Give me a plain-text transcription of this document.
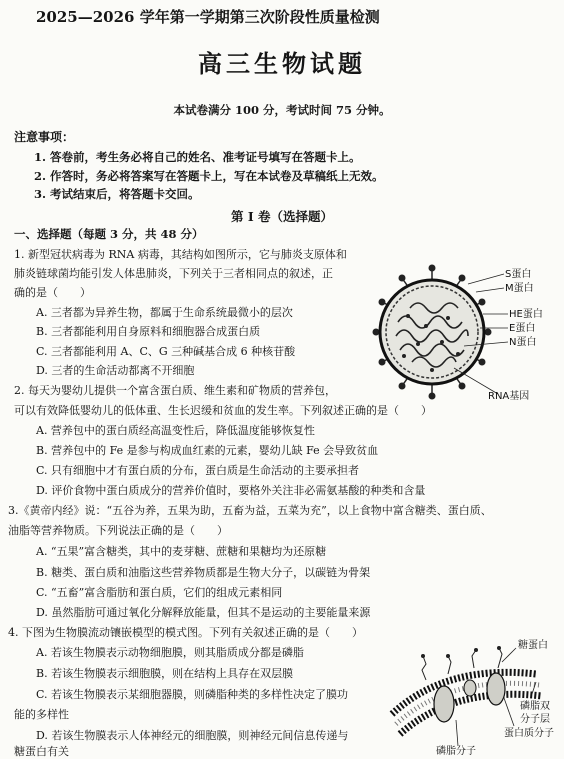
2025—2026 学年第一学期第三次阶段性质量检测
高三生物试题
本试卷满分 100 分，考试时间 75 分钟。
注意事项：
1. 答卷前，考生务必将自己的姓名、准考证号填写在答题卡上。
2. 作答时，务必将答案写在答题卡上，写在本试卷及草稿纸上无效。
3. 考试结束后，将答题卡交回。
第 I 卷（选择题）
一、选择题（每题 3 分，共 48 分）
1. 新型冠状病毒为 RNA 病毒，其结构如图所示，它与肺炎支原体和
肺炎链球菌均能引发人体患肺炎，下列关于三者相同点的叙述，正
确的是（　　）
A. 三者都为异养生物，都属于生命系统最微小的层次
B. 三者都能利用自身原料和细胞器合成蛋白质
C. 三者都能利用 A、C、G 三种碱基合成 6 种核苷酸
D. 三者的生命活动都离不开细胞
S蛋白
M蛋白
HE蛋白
E蛋白
N蛋白
RNA基因
2. 每天为婴幼儿提供一个富含蛋白质、维生素和矿物质的营养包，
可以有效降低婴幼儿的低体重、生长迟缓和贫血的发生率。下列叙述正确的是（　　）
A. 营养包中的蛋白质经高温变性后，降低温度能够恢复性
B. 营养包中的 Fe 是参与构成血红素的元素，婴幼儿缺 Fe 会导致贫血
C. 只有细胞中才有蛋白质的分布，蛋白质是生命活动的主要承担者
D. 评价食物中蛋白质成分的营养价值时，要格外关注非必需氨基酸的种类和含量
3.《黄帝内经》说：“五谷为养，五果为助，五畜为益，五菜为充”，以上食物中富含糖类、蛋白质、
油脂等营养物质。下列说法正确的是（　　）
A. “五果”富含糖类，其中的麦芽糖、蔗糖和果糖均为还原糖
B. 糖类、蛋白质和油脂这些营养物质都是生物大分子，以碳链为骨架
C. “五畜”富含脂肪和蛋白质，它们的组成元素相同
D. 虽然脂肪可通过氧化分解释放能量，但其不是运动的主要能量来源
4. 下图为生物膜流动镶嵌模型的模式图。下列有关叙述正确的是（　　）
A. 若该生物膜表示动物细胞膜，则其脂质成分都是磷脂
B. 若该生物膜表示细胞膜，则在结构上具存在双层膜
C. 若该生物膜表示某细胞器膜，则磷脂种类的多样性决定了膜功
能的多样性
D. 若该生物膜表示人体神经元的细胞膜，则神经元间信息传递与
糖蛋白有关
糖蛋白
磷脂双
分子层
蛋白质分子
磷脂分子
